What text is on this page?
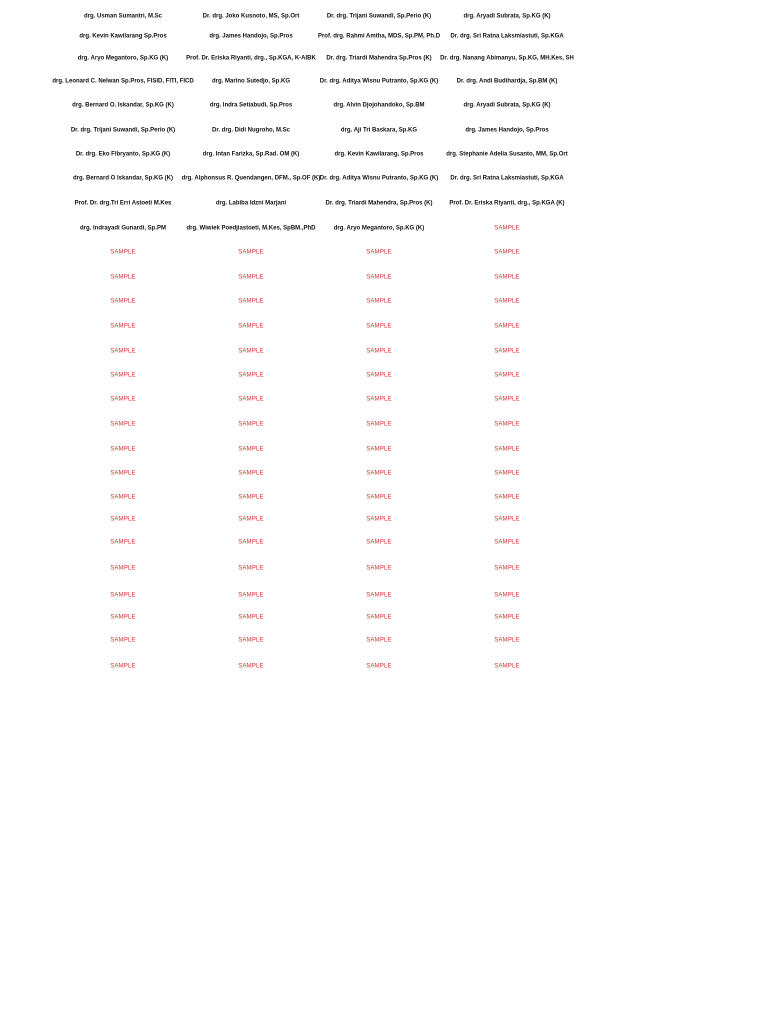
drg. Usman Sumantri, M.Sc	Dr. drg. Joko Kusnoto, MS, Sp.Ort	Dr. drg. Trijani Suwandi, Sp.Perio (K)	drg. Aryadi Subrata, Sp.KG (K)
drg. Kevin Kawilarang Sp.Pros	drg. James Handojo, Sp.Pros	Prof. drg. Rahmi Amtha, MDS, Sp.PM, Ph.D	Dr. drg. Sri Ratna Laksmiastuti, Sp.KGA
drg. Aryo Megantoro, Sp.KG (K)	Prof. Dr. Eriska Riyanti, drg., Sp.KGA, K-AIBK	Dr. drg. Triardi Mahendra Sp.Pros (K)	Dr. drg. Nanang Abimanyu, Sp.KG, MH.Kes, SH
drg. Leonard C. Nelwan Sp.Pros, FISID, FITI, FICD	drg. Marino Sutedjo, Sp.KG	Dr. drg. Aditya Wisnu Putranto, Sp.KG (K)	Dr. drg. Andi Budihardja, Sp.BM (K)
drg. Bernard O. Iskandar, Sp.KG (K)	drg. Indra Setiabudi, Sp.Pros	drg. Alvin Djojohandoko, Sp.BM	drg. Aryadi Subrata, Sp.KG (K)
Dr. drg. Trijani Suwandi, Sp.Perio (K)	Dr. drg. Didi Nugroho, M.Sc	drg. Aji Tri Baskara, Sp.KG	drg. James Handojo, Sp.Pros
Dr. drg. Eko Fibryanto, Sp.KG (K)	drg. Intan Farizka, Sp.Rad. OM (K)	drg. Kevin Kawilarang, Sp.Pros	drg. Stephanie Adelia Susanto, MM, Sp.Ort
drg. Bernard O Iskandar, Sp.KG (K)	drg. Alphonsus R. Quendangen, DFM., Sp.OF (K) Dr. drg. Aditya Wisnu Putranto, Sp.KG (K)	Dr. drg. Sri Ratna Laksmiastuti, Sp.KGA
Prof. Dr. drg.Tri Erri Astoeti M.Kes	drg. Labiba Idzni Marjani	Dr. drg. Triardi Mahendra, Sp.Pros (K)	Prof. Dr. Eriska Riyanti, drg., Sp.KGA (K)
drg. Indrayadi Gunardi, Sp.PM	drg. Wiwiek Poedjiastoeti, M.Kes, SpBM.,PhD	drg. Aryo Megantoro, Sp.KG (K)	SAMPLE
SAMPLE	SAMPLE	SAMPLE	SAMPLE
SAMPLE	SAMPLE	SAMPLE	SAMPLE
SAMPLE	SAMPLE	SAMPLE	SAMPLE
SAMPLE	SAMPLE	SAMPLE	SAMPLE
SAMPLE	SAMPLE	SAMPLE	SAMPLE
SAMPLE	SAMPLE	SAMPLE	SAMPLE
SAMPLE	SAMPLE	SAMPLE	SAMPLE
SAMPLE	SAMPLE	SAMPLE	SAMPLE
SAMPLE	SAMPLE	SAMPLE	SAMPLE
SAMPLE	SAMPLE	SAMPLE	SAMPLE
SAMPLE	SAMPLE	SAMPLE	SAMPLE
SAMPLE	SAMPLE	SAMPLE	SAMPLE
SAMPLE	SAMPLE	SAMPLE	SAMPLE
SAMPLE	SAMPLE	SAMPLE	SAMPLE
SAMPLE	SAMPLE	SAMPLE	SAMPLE
SAMPLE	SAMPLE	SAMPLE	SAMPLE
SAMPLE	SAMPLE	SAMPLE	SAMPLE
SAMPLE	SAMPLE	SAMPLE	SAMPLE
